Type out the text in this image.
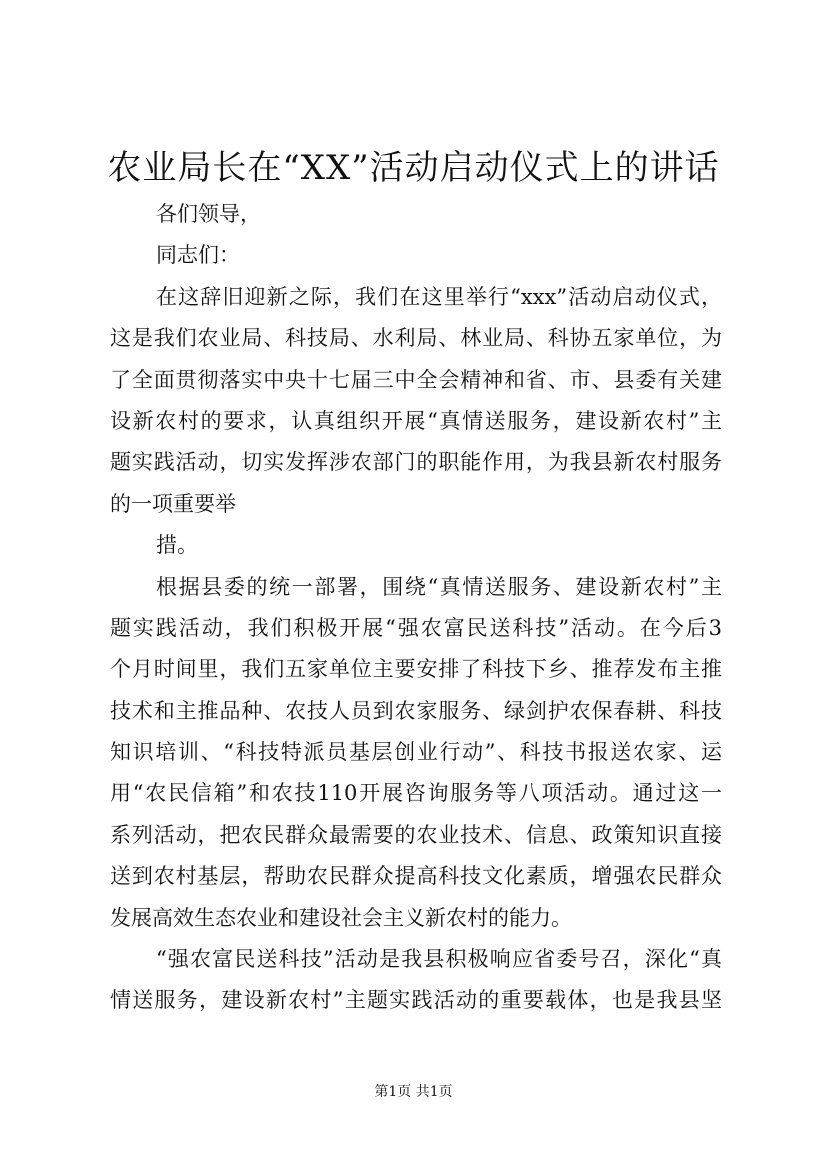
农业局长在“XX”活动启动仪式上的讲话
各们领导，
同志们：
在这辞旧迎新之际，我们在这里举行“xxx”活动启动仪式，
这是我们农业局、科技局、水利局、林业局、科协五家单位，为
了全面贯彻落实中央十七届三中全会精神和省、市、县委有关建
设新农村的要求，认真组织开展“真情送服务，建设新农村”主
题实践活动，切实发挥涉农部门的职能作用，为我县新农村服务
的一项重要举
措。
根据县委的统一部署，围绕“真情送服务、建设新农村”主
题实践活动，我们积极开展“强农富民送科技”活动。在今后3
个月时间里，我们五家单位主要安排了科技下乡、推荐发布主推
技术和主推品种、农技人员到农家服务、绿剑护农保春耕、科技
知识培训、“科技特派员基层创业行动”、科技书报送农家、运
用“农民信箱”和农技110开展咨询服务等八项活动。通过这一
系列活动，把农民群众最需要的农业技术、信息、政策知识直接
送到农村基层，帮助农民群众提高科技文化素质，增强农民群众
发展高效生态农业和建设社会主义新农村的能力。
“强农富民送科技”活动是我县积极响应省委号召，深化“真
情送服务，建设新农村”主题实践活动的重要载体，也是我县坚
第1页 共1页
